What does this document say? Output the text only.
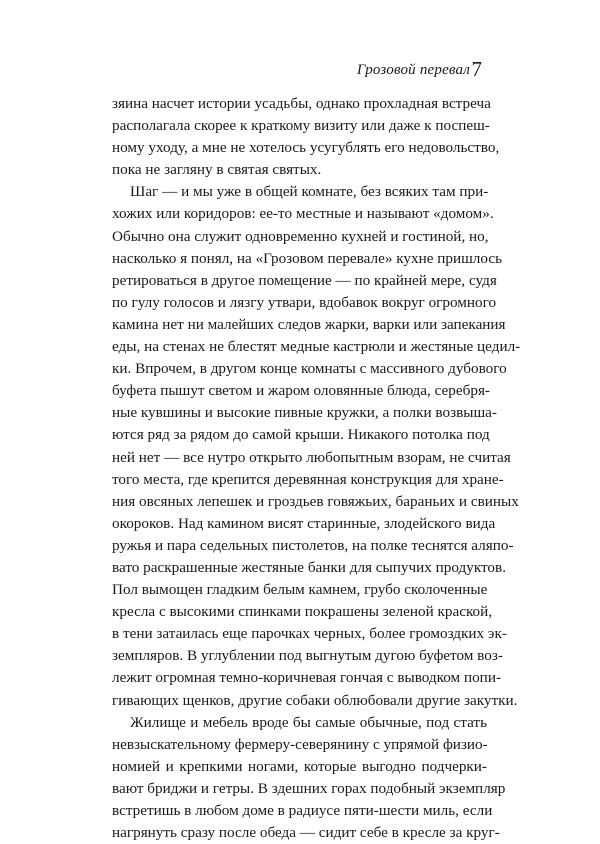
Грозовой перевал 7
зяина насчет истории усадьбы, однако прохладная встреча
располагала скорее к краткому визиту или даже к поспеш-
ному уходу, а мне не хотелось усугублять его недовольство,
пока не загляну в святая святых.
Шаг — и мы уже в общей комнате, без всяких там при-
хожих или коридоров: ее-то местные и называют «домом».
Обычно она служит одновременно кухней и гостиной, но,
насколько я понял, на «Грозовом перевале» кухне пришлось
ретироваться в другое помещение — по крайней мере, судя
по гулу голосов и лязгу утвари, вдобавок вокруг огромного
камина нет ни малейших следов жарки, варки или запекания
еды, на стенах не блестят медные кастрюли и жестяные цедил-
ки. Впрочем, в другом конце комнаты с массивного дубового
буфета пышут светом и жаром оловянные блюда, серебря-
ные кувшины и высокие пивные кружки, а полки возвыша-
ются ряд за рядом до самой крыши. Никакого потолка под
ней нет — все нутро открыто любопытным взорам, не считая
того места, где крепится деревянная конструкция для хране-
ния овсяных лепешек и гроздьев говяжьих, бараньих и свиных
окороков. Над камином висят старинные, злодейского вида
ружья и пара седельных пистолетов, на полке теснятся аляпо-
вато раскрашенные жестяные банки для сыпучих продуктов.
Пол вымощен гладким белым камнем, грубо сколоченные
кресла с высокими спинками покрашены зеленой краской,
в тени затаилась еще парочках черных, более громоздких эк-
земпляров. В углублении под выгнутым дугою буфетом воз-
лежит огромная темно-коричневая гончая с выводком попи-
гивающих щенков, другие собаки облюбовали другие закутки.
Жилище и мебель вроде бы самые обычные, под стать
невзыскательному фермеру-северянину с упрямой физио-
номией и крепкими ногами, которые выгодно подчерки-
вают бриджи и гетры. В здешних горах подобный экземпляр
встретишь в любом доме в радиусе пяти-шести миль, если
нагрянуть сразу после обеда — сидит себе в кресле за круг-
